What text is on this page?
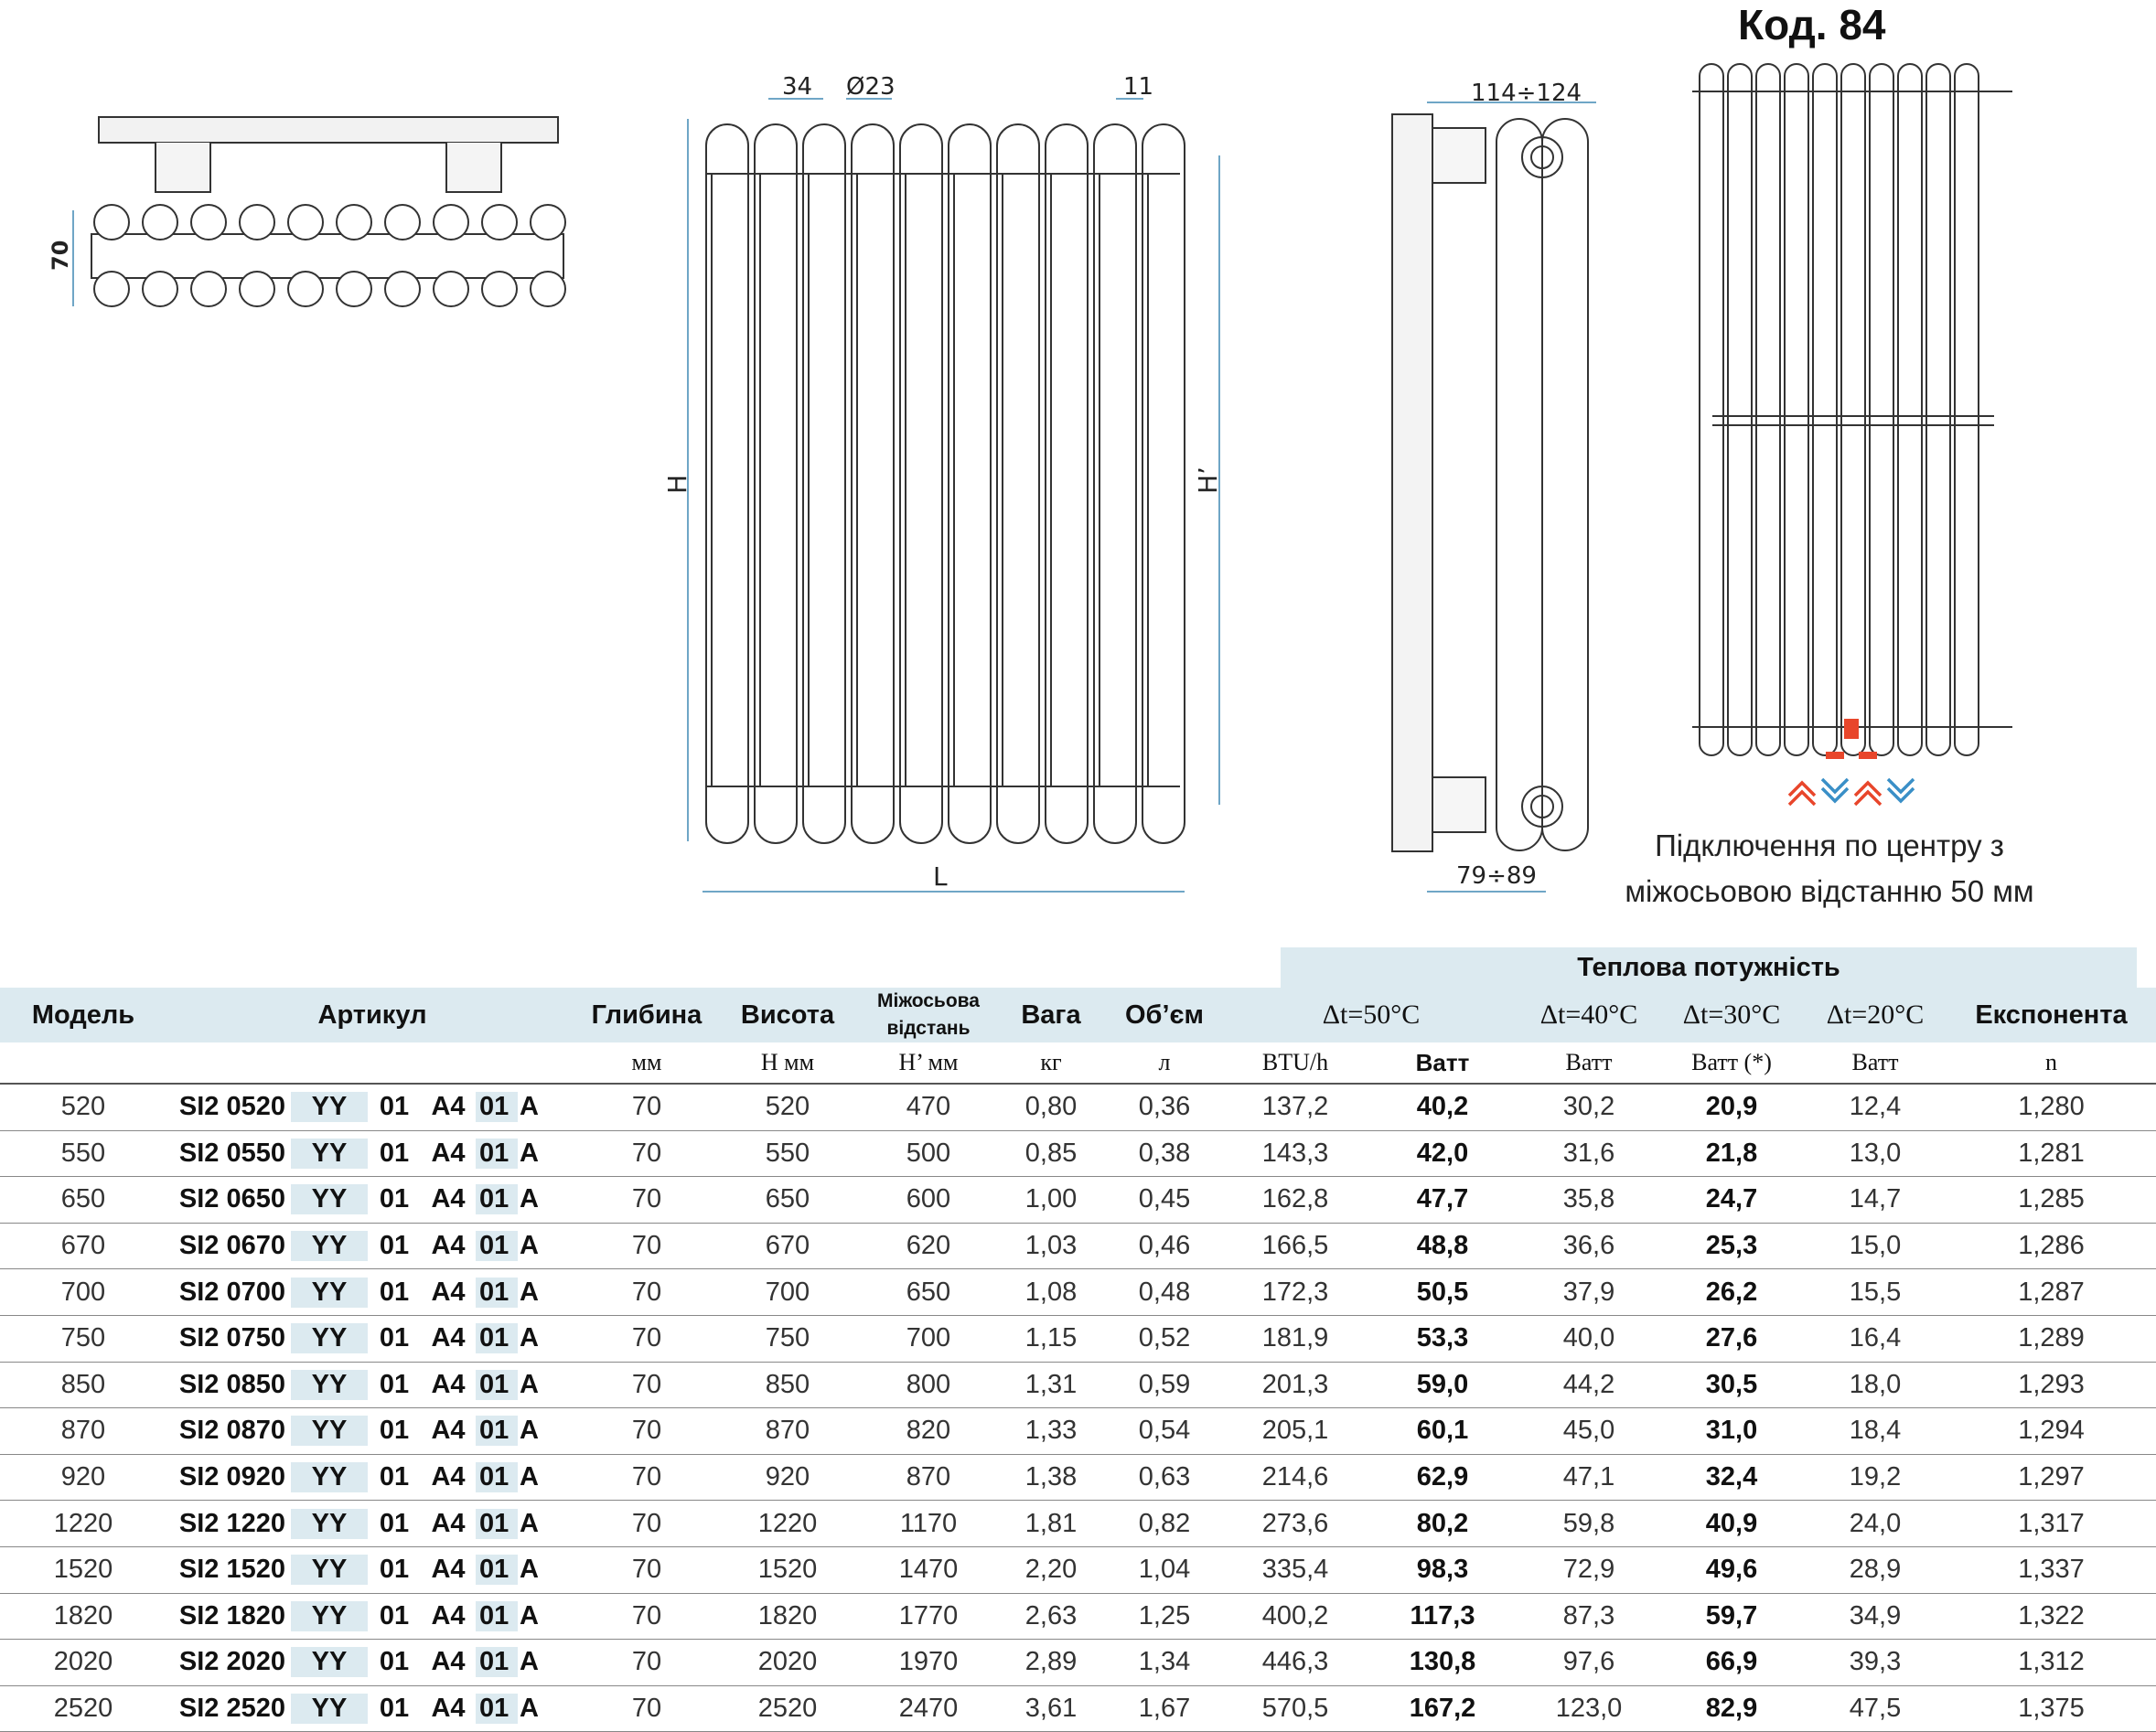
70
34 Ø23	11
H	H’
L
114÷124
79÷89
Код. 84
Підключення по центру з міжосьовою відстанню 50 мм
Теплова потужність
Модель	Артикул	Глибина	Висота	Міжосьова відстань	Вага	Об’єм	Δt=50°C		Δt=40°C	Δt=30°C	Δt=20°C	Експонента
		мм	H мм	H’ мм	кг	л	BTU/h	Ватт	Ватт	Ватт (*)	Ватт	n
520	SI2 0520 YY 01 A4 01 A	70	520	470	0,80	0,36	137,2	40,2	30,2	20,9	12,4	1,280
550	SI2 0550 YY 01 A4 01 A	70	550	500	0,85	0,38	143,3	42,0	31,6	21,8	13,0	1,281
650	SI2 0650 YY 01 A4 01 A	70	650	600	1,00	0,45	162,8	47,7	35,8	24,7	14,7	1,285
670	SI2 0670 YY 01 A4 01 A	70	670	620	1,03	0,46	166,5	48,8	36,6	25,3	15,0	1,286
700	SI2 0700 YY 01 A4 01 A	70	700	650	1,08	0,48	172,3	50,5	37,9	26,2	15,5	1,287
750	SI2 0750 YY 01 A4 01 A	70	750	700	1,15	0,52	181,9	53,3	40,0	27,6	16,4	1,289
850	SI2 0850 YY 01 A4 01 A	70	850	800	1,31	0,59	201,3	59,0	44,2	30,5	18,0	1,293
870	SI2 0870 YY 01 A4 01 A	70	870	820	1,33	0,54	205,1	60,1	45,0	31,0	18,4	1,294
920	SI2 0920 YY 01 A4 01 A	70	920	870	1,38	0,63	214,6	62,9	47,1	32,4	19,2	1,297
1220	SI2 1220 YY 01 A4 01 A	70	1220	1170	1,81	0,82	273,6	80,2	59,8	40,9	24,0	1,317
1520	SI2 1520 YY 01 A4 01 A	70	1520	1470	2,20	1,04	335,4	98,3	72,9	49,6	28,9	1,337
1820	SI2 1820 YY 01 A4 01 A	70	1820	1770	2,63	1,25	400,2	117,3	87,3	59,7	34,9	1,322
2020	SI2 2020 YY 01 A4 01 A	70	2020	1970	2,89	1,34	446,3	130,8	97,6	66,9	39,3	1,312
2520	SI2 2520 YY 01 A4 01 A	70	2520	2470	3,61	1,67	570,5	167,2	123,0	82,9	47,5	1,375
